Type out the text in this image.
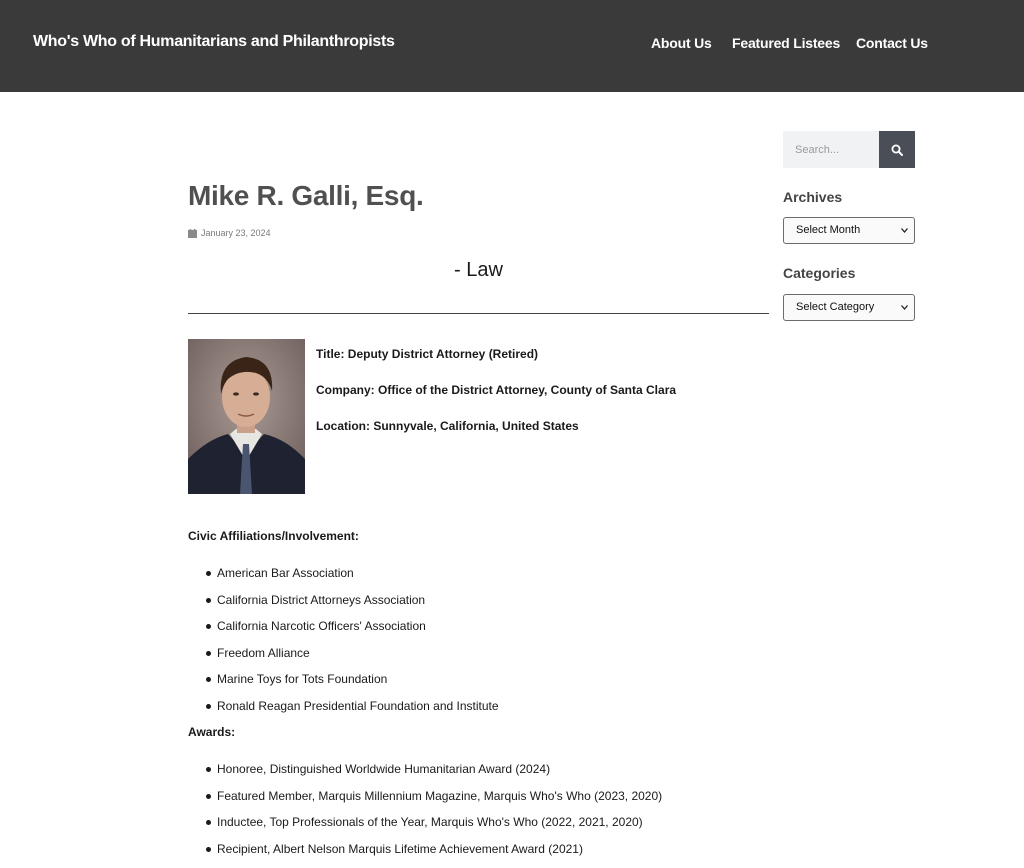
Who's Who of Humanitarians and Philanthropists	About Us Featured Listees Contact Us
Mike R. Galli, Esq.
January 23, 2024
- Law

Title: Deputy District Attorney (Retired)

Company: Office of the District Attorney, County of Santa Clara

Location: Sunnyvale, California, United States

Civic Affiliations/Involvement:

American Bar Association
California District Attorneys Association
California Narcotic Officers' Association
Freedom Alliance
Marine Toys for Tots Foundation
Ronald Reagan Presidential Foundation and Institute

Awards:

Honoree, Distinguished Worldwide Humanitarian Award (2024)
Featured Member, Marquis Millennium Magazine, Marquis Who's Who (2023, 2020)
Inductee, Top Professionals of the Year, Marquis Who's Who (2022, 2021, 2020)
Recipient, Albert Nelson Marquis Lifetime Achievement Award (2021)
Search...
Archives
Select Month
Categories
Select Category
